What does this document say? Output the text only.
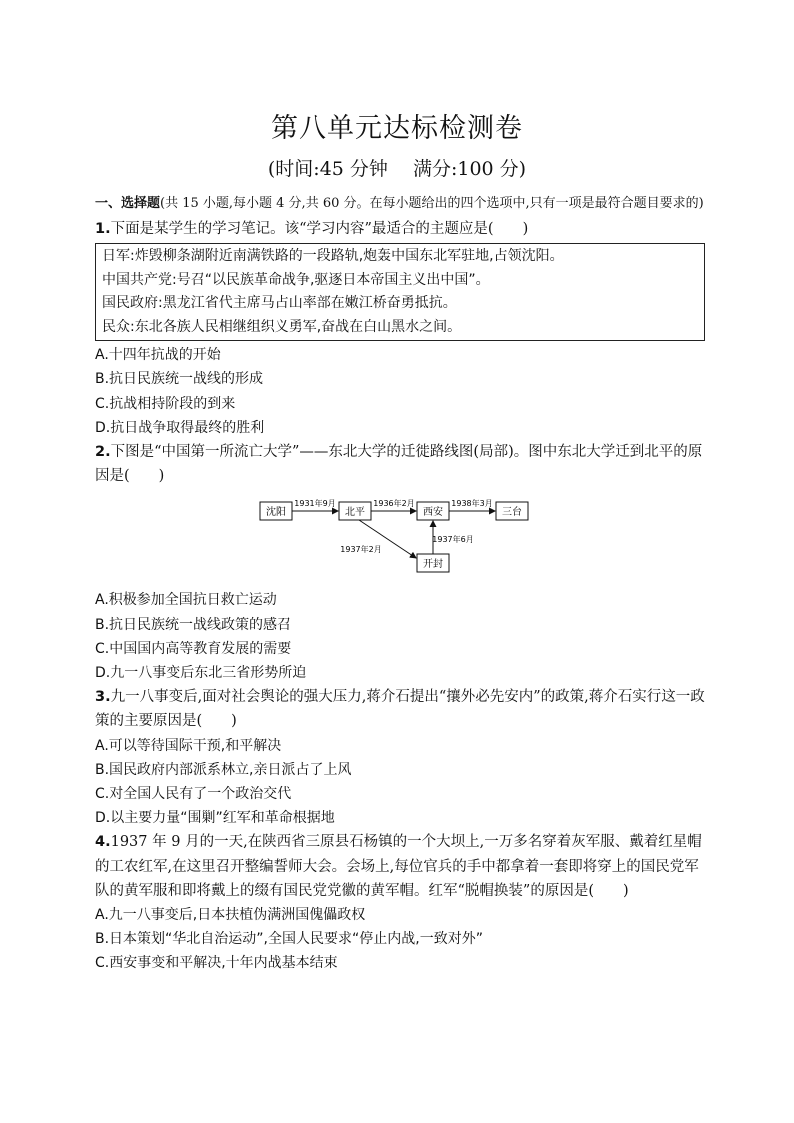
第八单元达标检测卷
(时间:45 分钟　 满分:100 分)
一、选择题(共 15 小题,每小题 4 分,共 60 分。在每小题给出的四个选项中,只有一项是最符合题目要求的)
1.下面是某学生的学习笔记。该“学习内容”最适合的主题应是(　　)
日军:炸毁柳条湖附近南满铁路的一段路轨,炮轰中国东北军驻地,占领沈阳。
中国共产党:号召“以民族革命战争,驱逐日本帝国主义出中国”。
国民政府:黑龙江省代主席马占山率部在嫩江桥奋勇抵抗。
民众:东北各族人民相继组织义勇军,奋战在白山黑水之间。
A.十四年抗战的开始
B.抗日民族统一战线的形成
C.抗战相持阶段的到来
D.抗日战争取得最终的胜利
2.下图是“中国第一所流亡大学”——东北大学的迁徙路线图(局部)。图中东北大学迁到北平的原因是(　　)
沈阳	北平	西安	三台
开封
1931年9月	1936年2月	1938年3月
1937年2月
1937年6月
A.积极参加全国抗日救亡运动
B.抗日民族统一战线政策的感召
C.中国国内高等教育发展的需要
D.九一八事变后东北三省形势所迫
3.九一八事变后,面对社会舆论的强大压力,蒋介石提出“攘外必先安内”的政策,蒋介石实行这一政策的主要原因是(　　)
A.可以等待国际干预,和平解决
B.国民政府内部派系林立,亲日派占了上风
C.对全国人民有了一个政治交代
D.以主要力量“围剿”红军和革命根据地
4.1937 年 9 月的一天,在陕西省三原县石杨镇的一个大坝上,一万多名穿着灰军服、戴着红星帽的工农红军,在这里召开整编誓师大会。会场上,每位官兵的手中都拿着一套即将穿上的国民党军队的黄军服和即将戴上的缀有国民党党徽的黄军帽。红军“脱帽换装”的原因是(　　)
A.九一八事变后,日本扶植伪满洲国傀儡政权
B.日本策划“华北自治运动”,全国人民要求“停止内战,一致对外”
C.西安事变和平解决,十年内战基本结束
